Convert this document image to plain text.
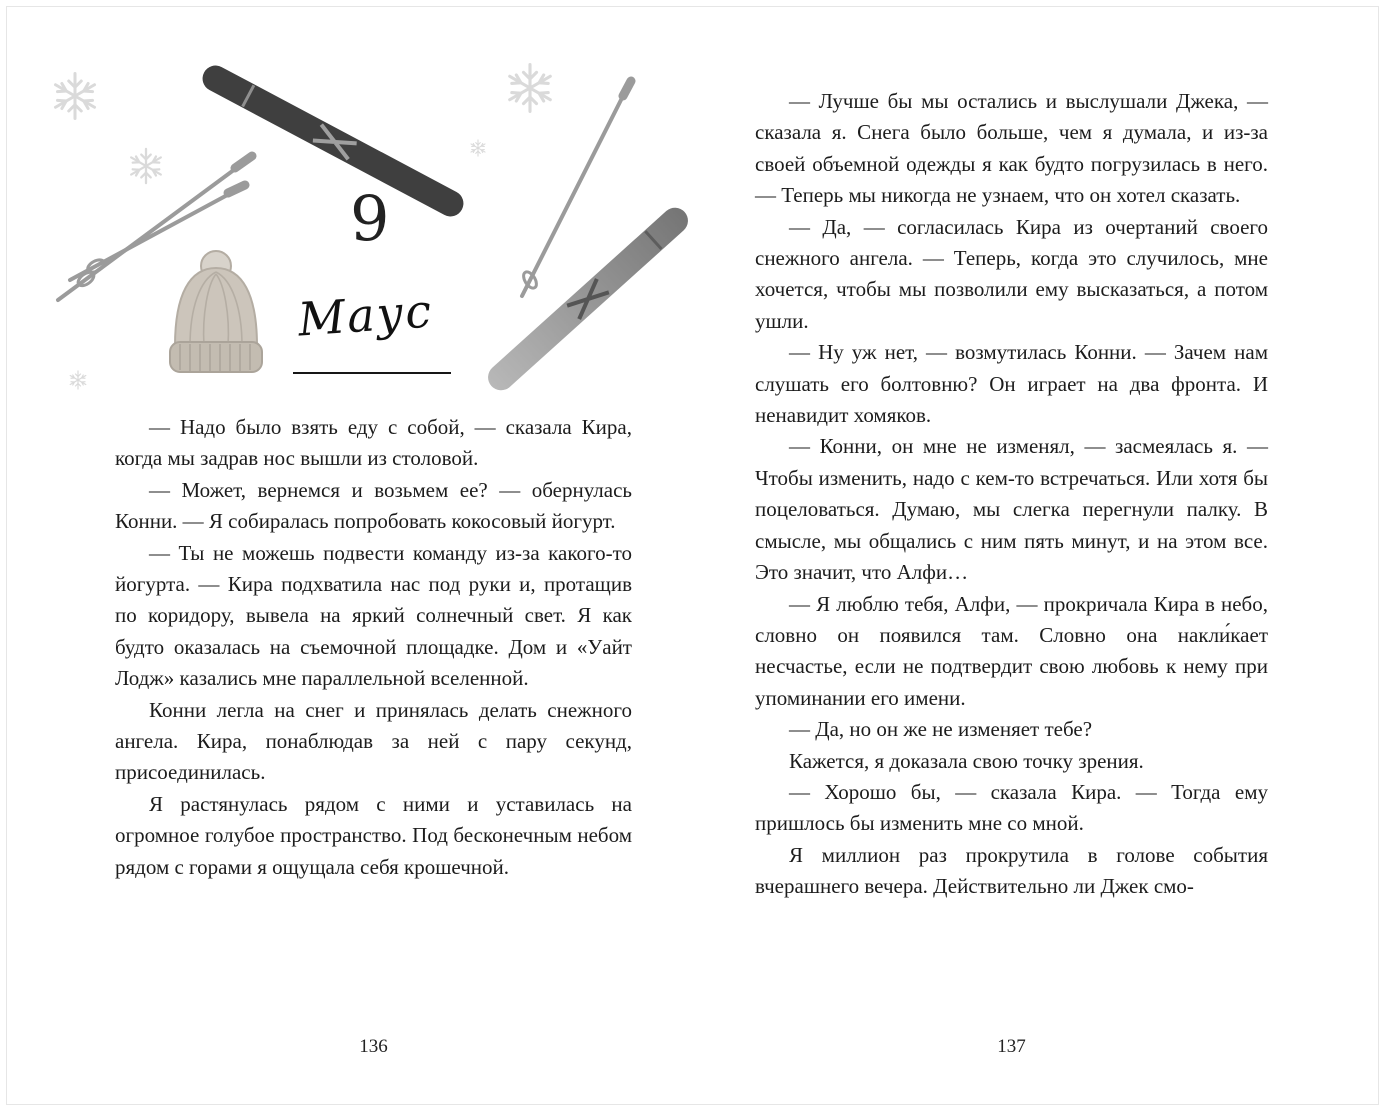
9
Маус

— Надо было взять еду с собой, — сказала Кира, когда мы задрав нос вышли из столовой.

— Может, вернемся и возьмем ее? — обернулась Конни. — Я собиралась попробовать кокосовый йогурт.

— Ты не можешь подвести команду из-за какого-то йогурта. — Кира подхватила нас под руки и, протащив по коридору, вывела на яркий солнечный свет. Я как будто оказалась на съемочной площадке. Дом и «Уайт Лодж» казались мне параллельной вселенной.

Конни легла на снег и принялась делать снежного ангела. Кира, понаблюдав за ней с пару секунд, присоединилась.

Я растянулась рядом с ними и уставилась на огромное голубое пространство. Под бесконечным небом рядом с горами я ощущала себя крошечной.

136

— Лучше бы мы остались и выслушали Джека, — сказала я. Снега было больше, чем я думала, и из-за своей объемной одежды я как будто погрузилась в него. — Теперь мы никогда не узнаем, что он хотел сказать.

— Да, — согласилась Кира из очертаний своего снежного ангела. — Теперь, когда это случилось, мне хочется, чтобы мы позволили ему высказаться, а потом ушли.

— Ну уж нет, — возмутилась Конни. — Зачем нам слушать его болтовню? Он играет на два фронта. И ненавидит хомяков.

— Конни, он мне не изменял, — засмеялась я. — Чтобы изменить, надо с кем-то встречаться. Или хотя бы поцеловаться. Думаю, мы слегка перегнули палку. В смысле, мы общались с ним пять минут, и на этом все. Это значит, что Алфи…

— Я люблю тебя, Алфи, — прокричала Кира в небо, словно он появился там. Словно она накли́кает несчастье, если не подтвердит свою любовь к нему при упоминании его имени.

— Да, но он же не изменяет тебе?

Кажется, я доказала свою точку зрения.

— Хорошо бы, — сказала Кира. — Тогда ему пришлось бы изменить мне со мной.

Я миллион раз прокрутила в голове события вчерашнего вечера. Действительно ли Джек смо-

137
